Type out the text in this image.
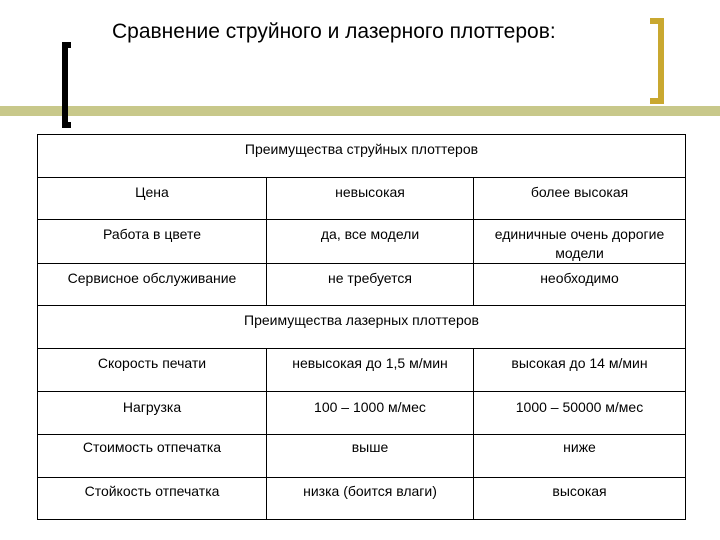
Сравнение струйного и лазерного плоттеров:
Преимущества струйных плоттеров		
Цена	невысокая	более высокая
Работа в цвете	да, все модели	единичные очень дорогие модели
Сервисное обслуживание	не требуется	необходимо
Преимущества лазерных плоттеров		
Скорость печати	невысокая до 1,5 м/мин	высокая до 14 м/мин
Нагрузка	100 – 1000 м/мес	1000 – 50000 м/мес
Стоимость отпечатка	выше	ниже
Стойкость отпечатка	низка (боится влаги)	высокая
